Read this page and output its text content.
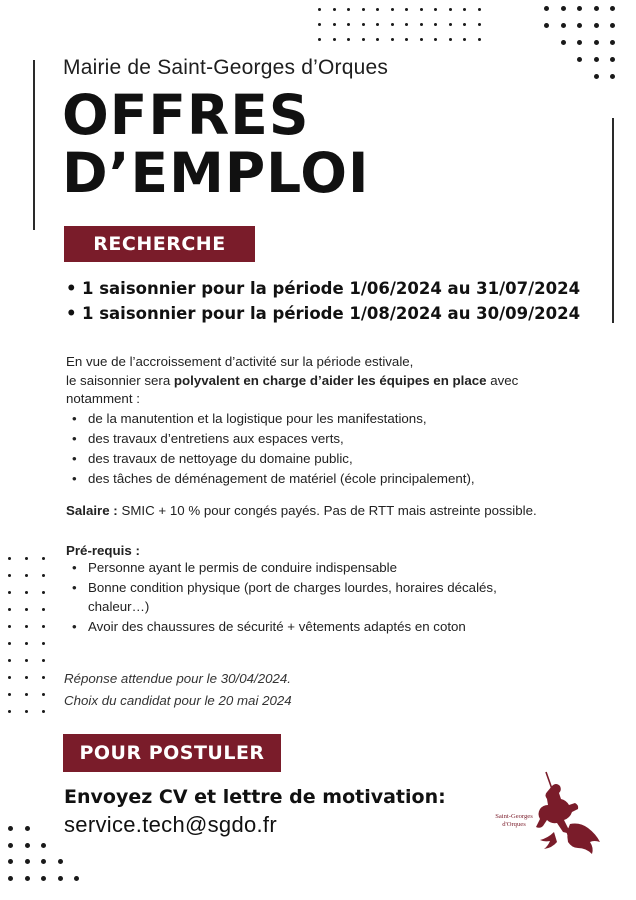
Mairie de Saint-Georges d’Orques
OFFRES
D’EMPLOI
RECHERCHE
• 1 saisonnier pour la période 1/06/2024 au 31/07/2024
• 1 saisonnier pour la période 1/08/2024 au 30/09/2024
En vue de l’accroissement d’activité sur la période estivale,
le saisonnier sera polyvalent en charge d’aider les équipes en place avec
notamment :
• de la manutention et la logistique pour les manifestations,
• des travaux d’entretiens aux espaces verts,
• des travaux de nettoyage du domaine public,
• des tâches de déménagement de matériel (école principalement),
Salaire : SMIC + 10 % pour congés payés. Pas de RTT mais astreinte possible.
Pré-requis :
• Personne ayant le permis de conduire indispensable
• Bonne condition physique (port de charges lourdes, horaires décalés,
chaleur…)
• Avoir des chaussures de sécurité + vêtements adaptés en coton
Réponse attendue pour le 30/04/2024.
Choix du candidat pour le 20 mai 2024
POUR POSTULER
Envoyez CV et lettre de motivation:
service.tech@sgdo.fr	Saint-Georges
d'Orques
